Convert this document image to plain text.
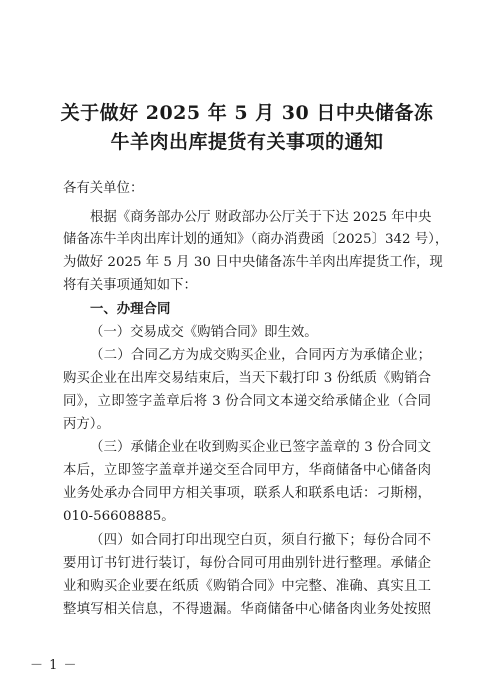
关于做好 2025 年 5 月 30 日中央储备冻
牛羊肉出库提货有关事项的通知
各有关单位：
根据《商务部办公厅 财政部办公厅关于下达 2025 年中央
储备冻牛羊肉出库计划的通知》（商办消费函〔2025〕342 号），
为做好 2025 年 5 月 30 日中央储备冻牛羊肉出库提货工作，现
将有关事项通知如下：
一、办理合同
（一）交易成交《购销合同》即生效。
（二）合同乙方为成交购买企业，合同丙方为承储企业；
购买企业在出库交易结束后，当天下载打印 3 份纸质《购销合
同》，立即签字盖章后将 3 份合同文本递交给承储企业（合同
丙方）。
（三）承储企业在收到购买企业已签字盖章的 3 份合同文
本后，立即签字盖章并递交至合同甲方，华商储备中心储备肉
业务处承办合同甲方相关事项，联系人和联系电话：刁斯栩，
010-56608885。
（四）如合同打印出现空白页，须自行撤下；每份合同不
要用订书钉进行装订，每份合同可用曲别针进行整理。承储企
业和购买企业要在纸质《购销合同》中完整、准确、真实且工
整填写相关信息，不得遗漏。华商储备中心储备肉业务处按照
－ 1 －
